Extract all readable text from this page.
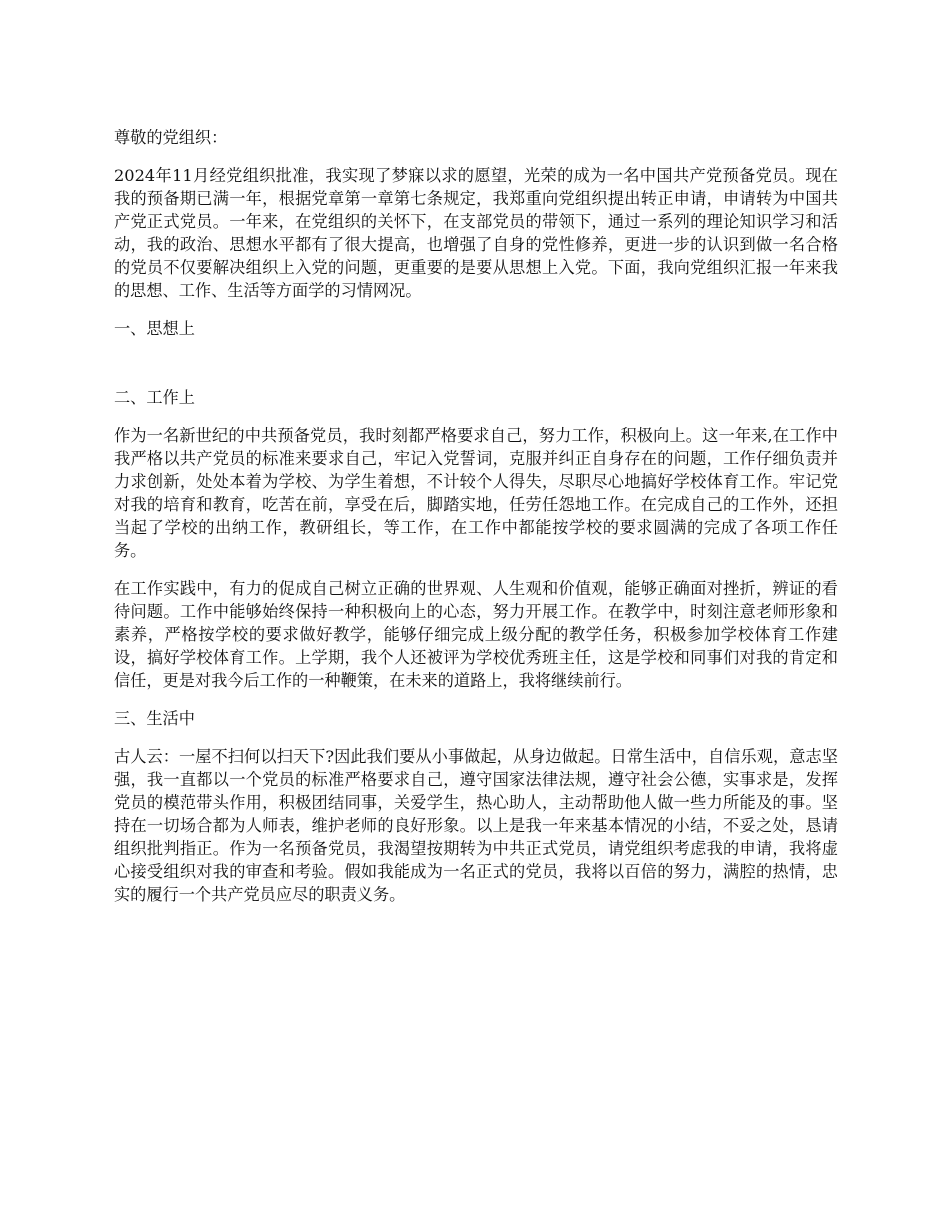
尊敬的党组织：

2024年11月经党组织批准，我实现了梦寐以求的愿望，光荣的成为一名中国共产党预备党员。现在我的预备期已满一年，根据党章第一章第七条规定，我郑重向党组织提出转正申请，申请转为中国共产党正式党员。一年来，在党组织的关怀下，在支部党员的带领下，通过一系列的理论知识学习和活动，我的政治、思想水平都有了很大提高，也增强了自身的党性修养，更进一步的认识到做一名合格的党员不仅要解决组织上入党的问题，更重要的是要从思想上入党。下面，我向党组织汇报一年来我的思想、工作、生活等方面学的习情网况。

一、思想上

二、工作上

作为一名新世纪的中共预备党员，我时刻都严格要求自己，努力工作，积极向上。这一年来,在工作中我严格以共产党员的标准来要求自己，牢记入党誓词，克服并纠正自身存在的问题，工作仔细负责并力求创新，处处本着为学校、为学生着想，不计较个人得失，尽职尽心地搞好学校体育工作。牢记党对我的培育和教育，吃苦在前，享受在后，脚踏实地，任劳任怨地工作。在完成自己的工作外，还担当起了学校的出纳工作，教研组长，等工作，在工作中都能按学校的要求圆满的完成了各项工作任务。

在工作实践中，有力的促成自己树立正确的世界观、人生观和价值观，能够正确面对挫折，辨证的看待问题。工作中能够始终保持一种积极向上的心态，努力开展工作。在教学中，时刻注意老师形象和素养，严格按学校的要求做好教学，能够仔细完成上级分配的教学任务，积极参加学校体育工作建设，搞好学校体育工作。上学期，我个人还被评为学校优秀班主任，这是学校和同事们对我的肯定和信任，更是对我今后工作的一种鞭策，在未来的道路上，我将继续前行。

三、生活中

古人云：一屋不扫何以扫天下?因此我们要从小事做起，从身边做起。日常生活中，自信乐观，意志坚强，我一直都以一个党员的标准严格要求自己，遵守国家法律法规，遵守社会公德，实事求是，发挥党员的模范带头作用，积极团结同事，关爱学生，热心助人，主动帮助他人做一些力所能及的事。坚持在一切场合都为人师表，维护老师的良好形象。以上是我一年来基本情况的小结，不妥之处，恳请组织批判指正。作为一名预备党员，我渴望按期转为中共正式党员，请党组织考虑我的申请，我将虚心接受组织对我的审查和考验。假如我能成为一名正式的党员，我将以百倍的努力，满腔的热情，忠实的履行一个共产党员应尽的职责义务。
